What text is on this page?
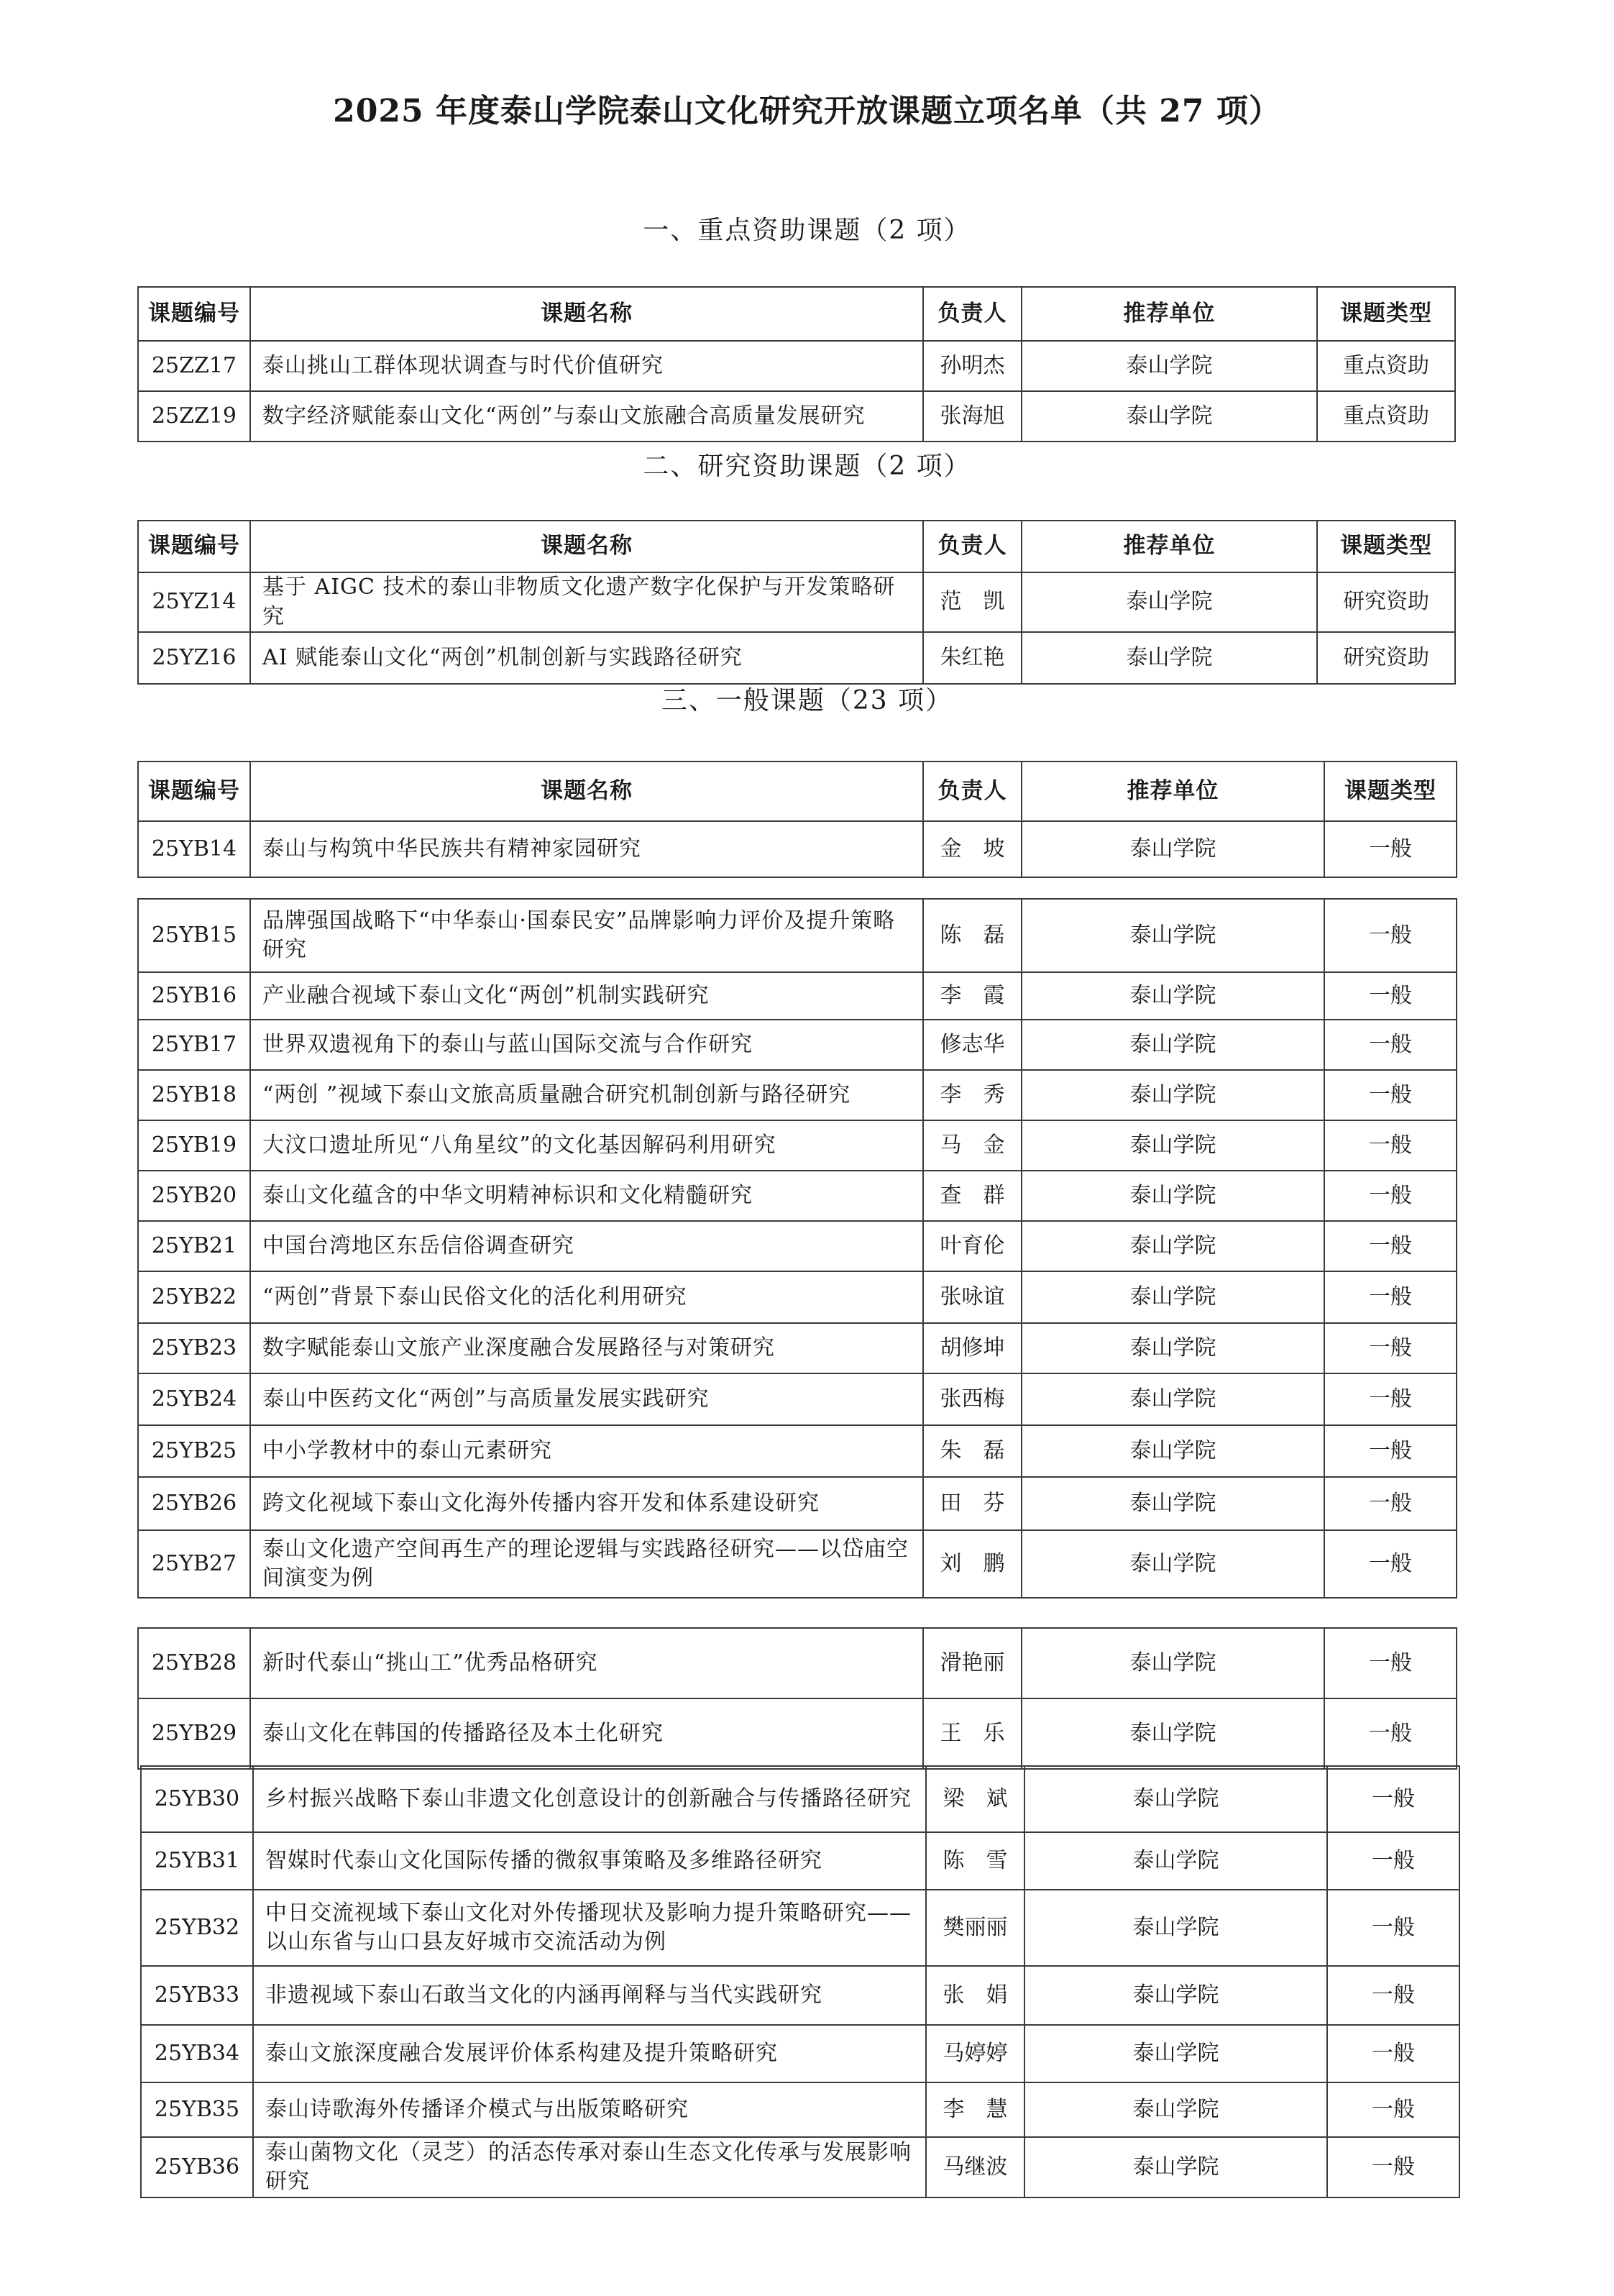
2025 年度泰山学院泰山文化研究开放课题立项名单（共 27 项）
一、重点资助课题（2 项）
二、研究资助课题（2 项）
三、一般课题（23 项）
课题编号	课题名称	负责人	推荐单位	课题类型
25ZZ17	泰山挑山工群体现状调查与时代价值研究	孙明杰	泰山学院	重点资助
25ZZ19	数字经济赋能泰山文化“两创”与泰山文旅融合高质量发展研究	张海旭	泰山学院	重点资助
课题编号	课题名称	负责人	推荐单位	课题类型
25YZ14	基于 AIGC 技术的泰山非物质文化遗产数字化保护与开发策略研究	范　凯	泰山学院	研究资助
25YZ16	AI 赋能泰山文化“两创”机制创新与实践路径研究	朱红艳	泰山学院	研究资助
课题编号	课题名称	负责人	推荐单位	课题类型
25YB14	泰山与构筑中华民族共有精神家园研究	金　坡	泰山学院	一般
25YB15	品牌强国战略下“中华泰山·国泰民安”品牌影响力评价及提升策略研究	陈　磊	泰山学院	一般
25YB16	产业融合视域下泰山文化“两创”机制实践研究	李　霞	泰山学院	一般
25YB17	世界双遗视角下的泰山与蓝山国际交流与合作研究	修志华	泰山学院	一般
25YB18	“两创 ”视域下泰山文旅高质量融合研究机制创新与路径研究	李　秀	泰山学院	一般
25YB19	大汶口遗址所见“八角星纹”的文化基因解码利用研究	马　金	泰山学院	一般
25YB20	泰山文化蕴含的中华文明精神标识和文化精髓研究	查　群	泰山学院	一般
25YB21	中国台湾地区东岳信俗调查研究	叶育伦	泰山学院	一般
25YB22	“两创”背景下泰山民俗文化的活化利用研究	张咏谊	泰山学院	一般
25YB23	数字赋能泰山文旅产业深度融合发展路径与对策研究	胡修坤	泰山学院	一般
25YB24	泰山中医药文化“两创”与高质量发展实践研究	张西梅	泰山学院	一般
25YB25	中小学教材中的泰山元素研究	朱　磊	泰山学院	一般
25YB26	跨文化视域下泰山文化海外传播内容开发和体系建设研究	田　芬	泰山学院	一般
25YB27	泰山文化遗产空间再生产的理论逻辑与实践路径研究——以岱庙空间演变为例	刘　鹏	泰山学院	一般
25YB28	新时代泰山“挑山工”优秀品格研究	滑艳丽	泰山学院	一般
25YB29	泰山文化在韩国的传播路径及本土化研究	王　乐	泰山学院	一般
25YB30	乡村振兴战略下泰山非遗文化创意设计的创新融合与传播路径研究	梁　斌	泰山学院	一般
25YB31	智媒时代泰山文化国际传播的微叙事策略及多维路径研究	陈　雪	泰山学院	一般
25YB32	中日交流视域下泰山文化对外传播现状及影响力提升策略研究——以山东省与山口县友好城市交流活动为例	樊丽丽	泰山学院	一般
25YB33	非遗视域下泰山石敢当文化的内涵再阐释与当代实践研究	张　娟	泰山学院	一般
25YB34	泰山文旅深度融合发展评价体系构建及提升策略研究	马婷婷	泰山学院	一般
25YB35	泰山诗歌海外传播译介模式与出版策略研究	李　慧	泰山学院	一般
25YB36	泰山菌物文化（灵芝）的活态传承对泰山生态文化传承与发展影响研究	马继波	泰山学院	一般
